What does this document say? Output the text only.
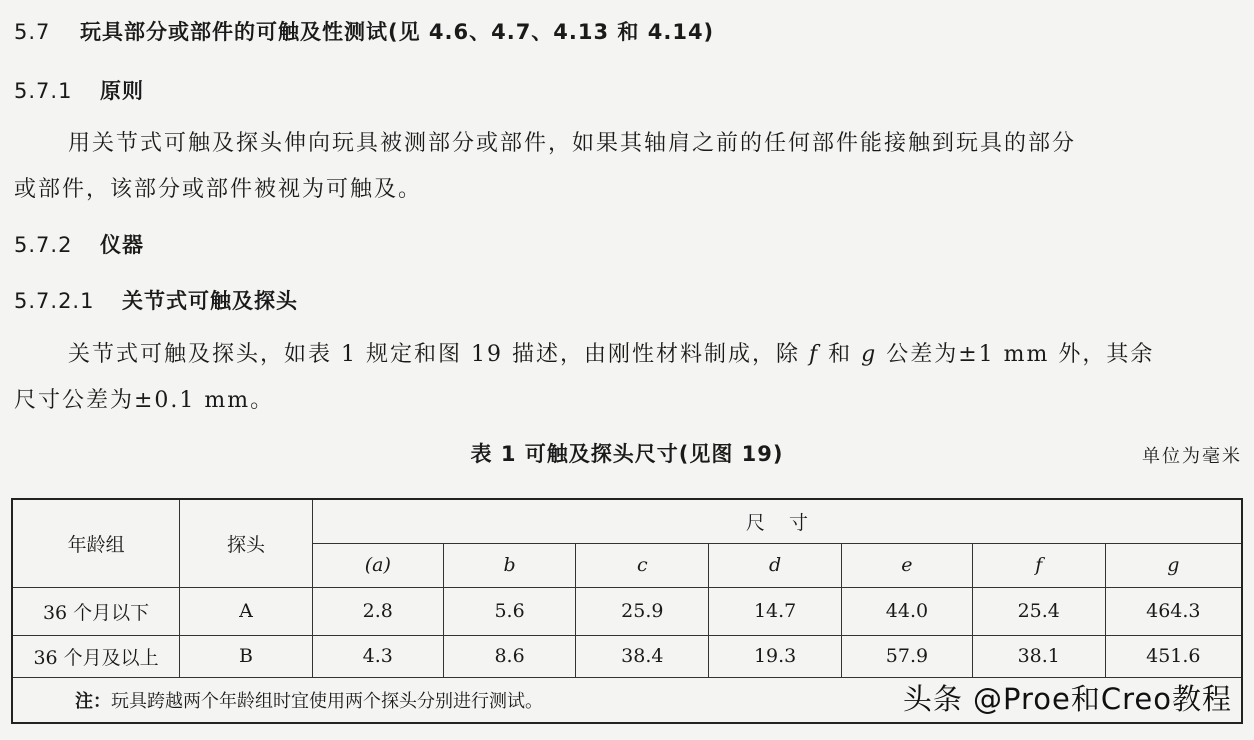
5.7 玩具部分或部件的可触及性测试(见 4.6、4.7、4.13 和 4.14)
5.7.1 原则
用关节式可触及探头伸向玩具被测部分或部件，如果其轴肩之前的任何部件能接触到玩具的部分
或部件，该部分或部件被视为可触及。
5.7.2 仪器
5.7.2.1 关节式可触及探头
关节式可触及探头，如表 1 规定和图 19 描述，由刚性材料制成，除 f 和 g 公差为±1 mm 外，其余
尺寸公差为±0.1 mm。
表 1 可触及探头尺寸(见图 19)	单位为毫米
年龄组	探头	尺    寸						
		(a)	b	c	d	e	f	g
36 个月以下	A	2.8	5.6	25.9	14.7	44.0	25.4	464.3
36 个月及以上	B	4.3	8.6	38.4	19.3	57.9	38.1	451.6
注：玩具跨越两个年龄组时宜使用两个探头分别进行测试。									头条 @Proe和Creo教程
